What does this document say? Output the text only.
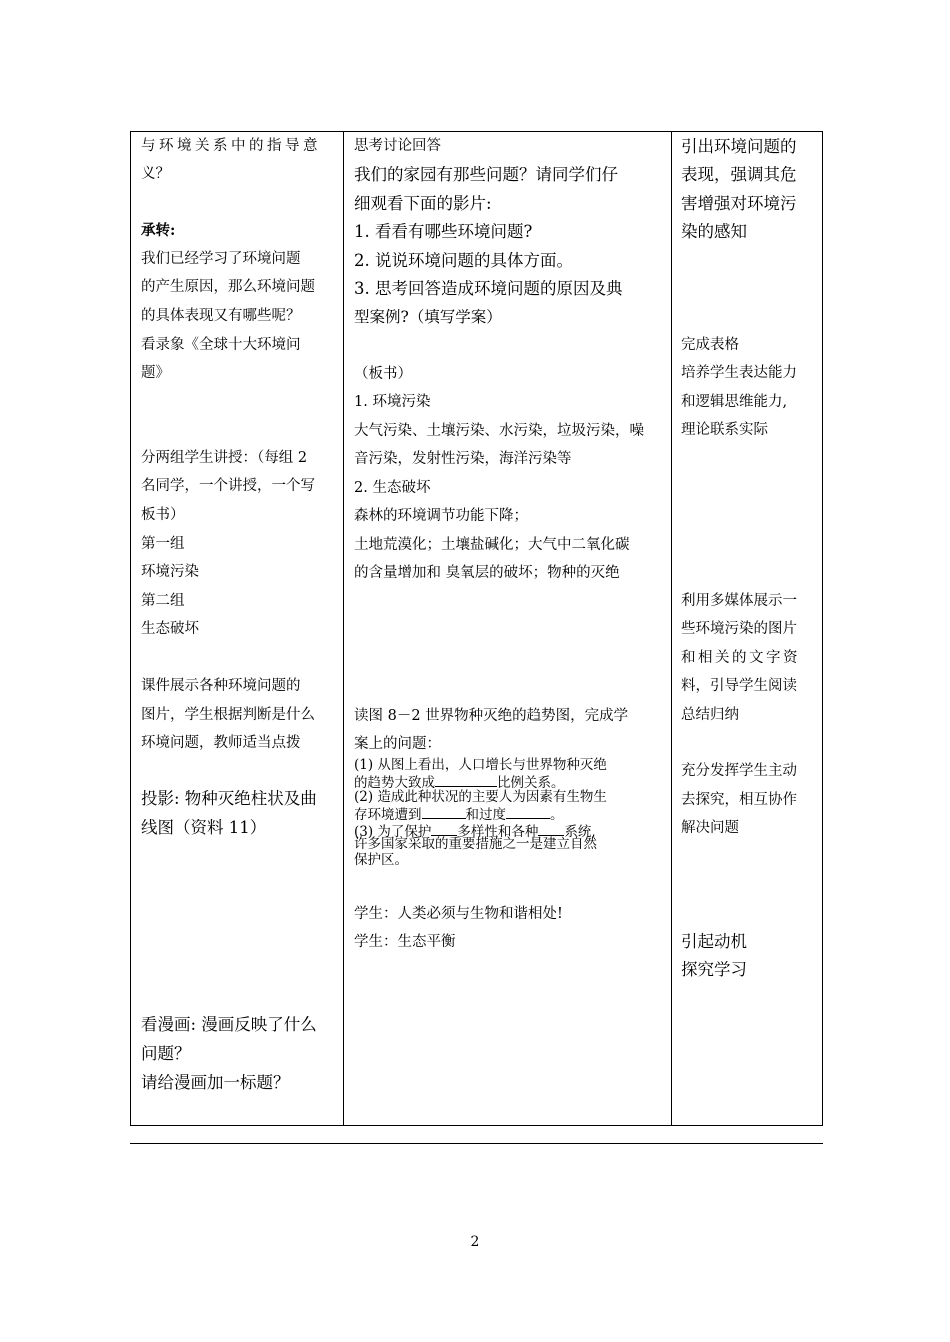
与环境关系中的指导意
义？
承转:
我们已经学习了环境问题
的产生原因，那么环境问题
的具体表现又有哪些呢？
看录象《全球十大环境问
题》
分两组学生讲授：（每组 2
名同学，一个讲授，一个写
板书）
第一组
环境污染
第二组
生态破坏
课件展示各种环境问题的
图片，学生根据判断是什么
环境问题，教师适当点拨
投影: 物种灭绝柱状及曲
线图（资料 11）
看漫画: 漫画反映了什么
问题？
请给漫画加一标题？
思考讨论回答
我们的家园有那些问题？请同学们仔
细观看下面的影片:
1. 看看有哪些环境问题?
2. 说说环境问题的具体方面。
3. 思考回答造成环境问题的原因及典
型案例?（填写学案）
（板书）
1. 环境污染
大气污染、土壤污染、水污染，垃圾污染，噪
音污染，发射性污染，海洋污染等
2. 生态破坏
森林的环境调节功能下降；
土地荒漠化；土壤盐碱化；大气中二氧化碳
的含量增加和 臭氧层的破坏；物种的灭绝
读图 8－2 世界物种灭绝的趋势图，完成学
案上的问题：
(1) 从图上看出，人口增长与世界物种灭绝
的趋势大致成	比例关系。
(2) 造成此种状况的主要人为因素有生物生
存环境遭到	和过度	。
(3) 为了保护 多样性和各种 系统,
许多国家采取的重要措施之一是建立自然
保护区。
学生：人类必须与生物和谐相处!
学生：生态平衡
引出环境问题的
表现，强调其危
害增强对环境污
染的感知
完成表格
培养学生表达能力
和逻辑思维能力,
理论联系实际
利用多媒体展示一
些环境污染的图片
和相关的文字资
料，引导学生阅读
总结归纳
充分发挥学生主动
去探究，相互协作
解决问题
引起动机
探究学习
2
